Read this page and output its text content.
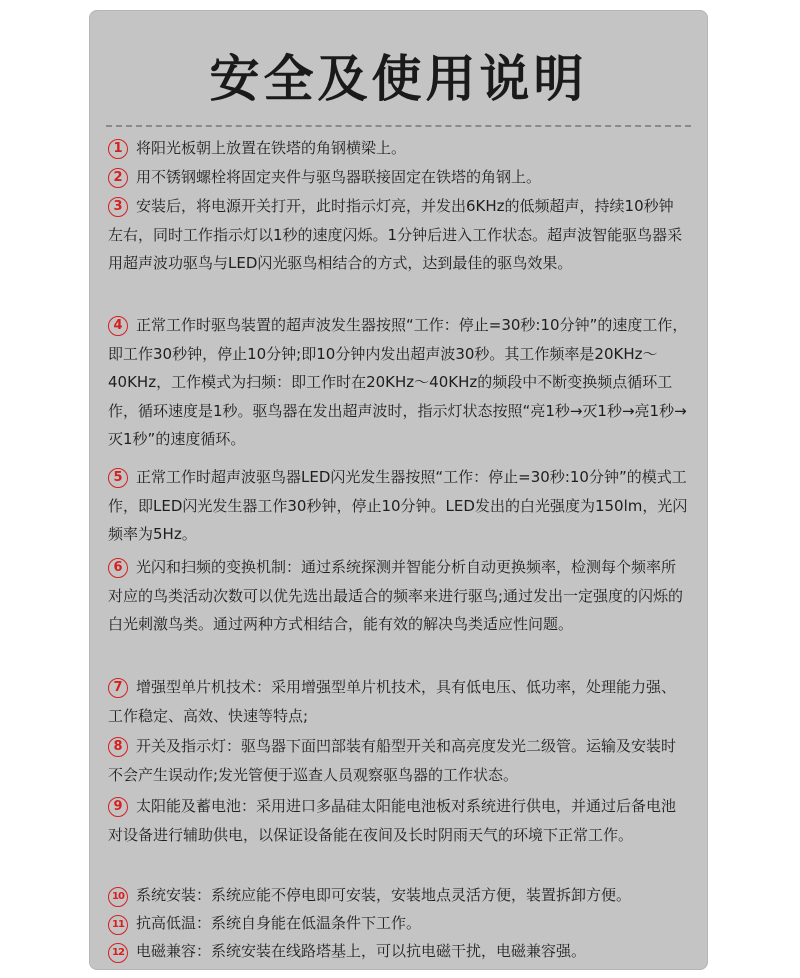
安全及使用说明

1 将阳光板朝上放置在铁塔的角钢横梁上。

2 用不锈钢螺栓将固定夹件与驱鸟器联接固定在铁塔的角钢上。

3 安装后，将电源开关打开，此时指示灯亮，并发出6KHz的低频超声，持续10秒钟左右，同时工作指示灯以1秒的速度闪烁。1分钟后进入工作状态。超声波智能驱鸟器采用超声波功驱鸟与LED闪光驱鸟相结合的方式，达到最佳的驱鸟效果。

4 正常工作时驱鸟装置的超声波发生器按照“工作：停止=30秒:10分钟”的速度工作，即工作30秒钟，停止10分钟;即10分钟内发出超声波30秒。其工作频率是20KHz～40KHz，工作模式为扫频：即工作时在20KHz～40KHz的频段中不断变换频点循环工作，循环速度是1秒。驱鸟器在发出超声波时，指示灯状态按照“亮1秒→灭1秒→亮1秒→灭1秒”的速度循环。

5 正常工作时超声波驱鸟器LED闪光发生器按照“工作：停止=30秒:10分钟”的模式工作，即LED闪光发生器工作30秒钟，停止10分钟。LED发出的白光强度为150lm，光闪频率为5Hz。

6 光闪和扫频的变换机制：通过系统探测并智能分析自动更换频率，检测每个频率所对应的鸟类活动次数可以优先选出最适合的频率来进行驱鸟;通过发出一定强度的闪烁的白光刺激鸟类。通过两种方式相结合，能有效的解决鸟类适应性问题。

7 增强型单片机技术：采用增强型单片机技术，具有低电压、低功率，处理能力强、工作稳定、高效、快速等特点;

8 开关及指示灯：驱鸟器下面凹部装有船型开关和高亮度发光二级管。运输及安装时不会产生误动作;发光管便于巡查人员观察驱鸟器的工作状态。

9 太阳能及蓄电池：采用进口多晶硅太阳能电池板对系统进行供电，并通过后备电池对设备进行辅助供电，以保证设备能在夜间及长时阴雨天气的环境下正常工作。

10 系统安装：系统应能不停电即可安装，安装地点灵活方便，装置拆卸方便。

11 抗高低温：系统自身能在低温条件下工作。

12 电磁兼容：系统安装在线路塔基上，可以抗电磁干扰，电磁兼容强。
